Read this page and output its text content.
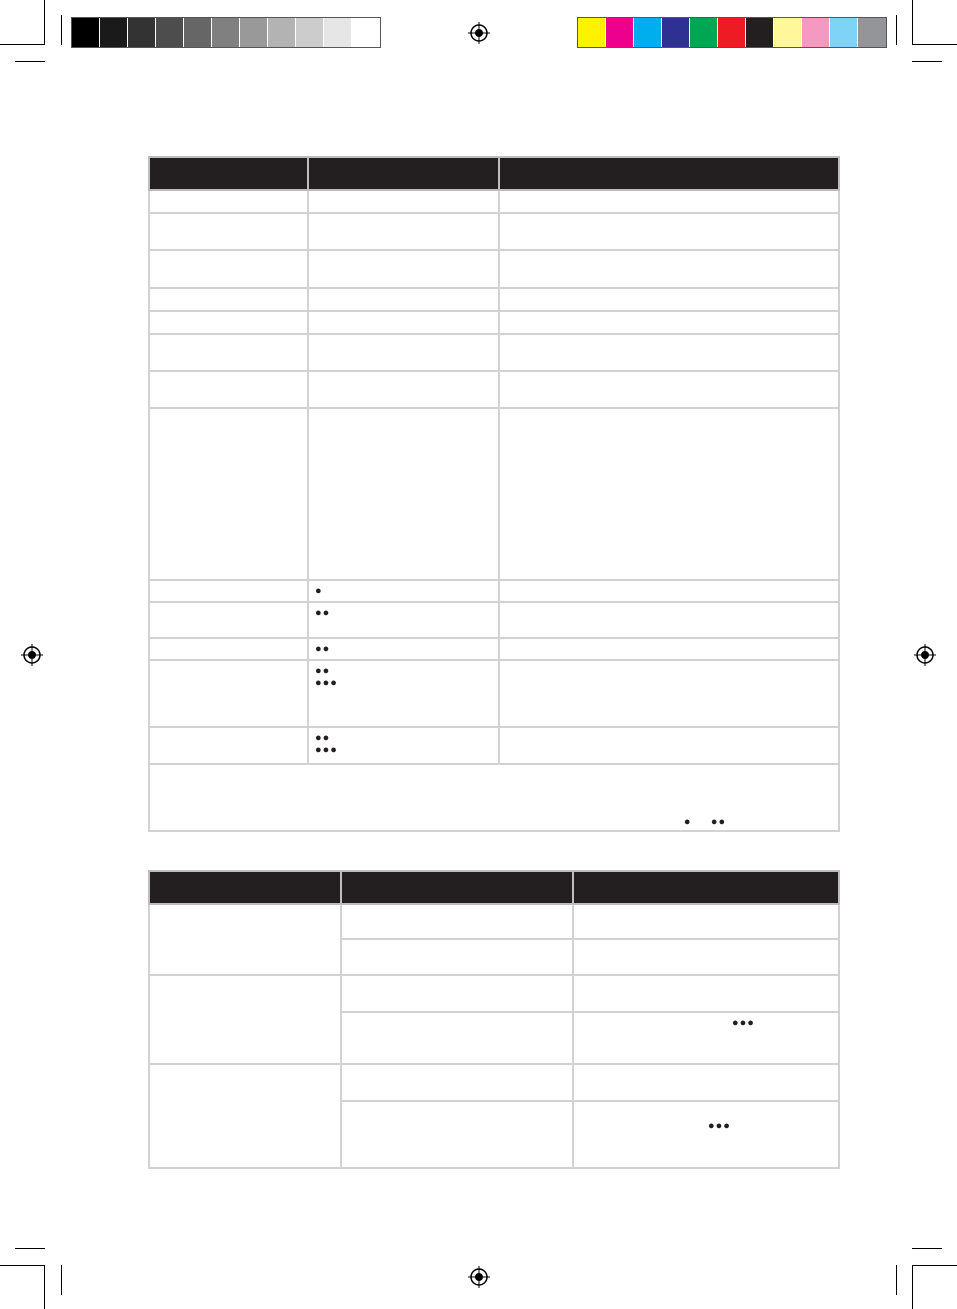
	●	

	●●	

	●●	

	●●
●●●	

	●●
●●●	

● ●●		

		●●●

		●●●
